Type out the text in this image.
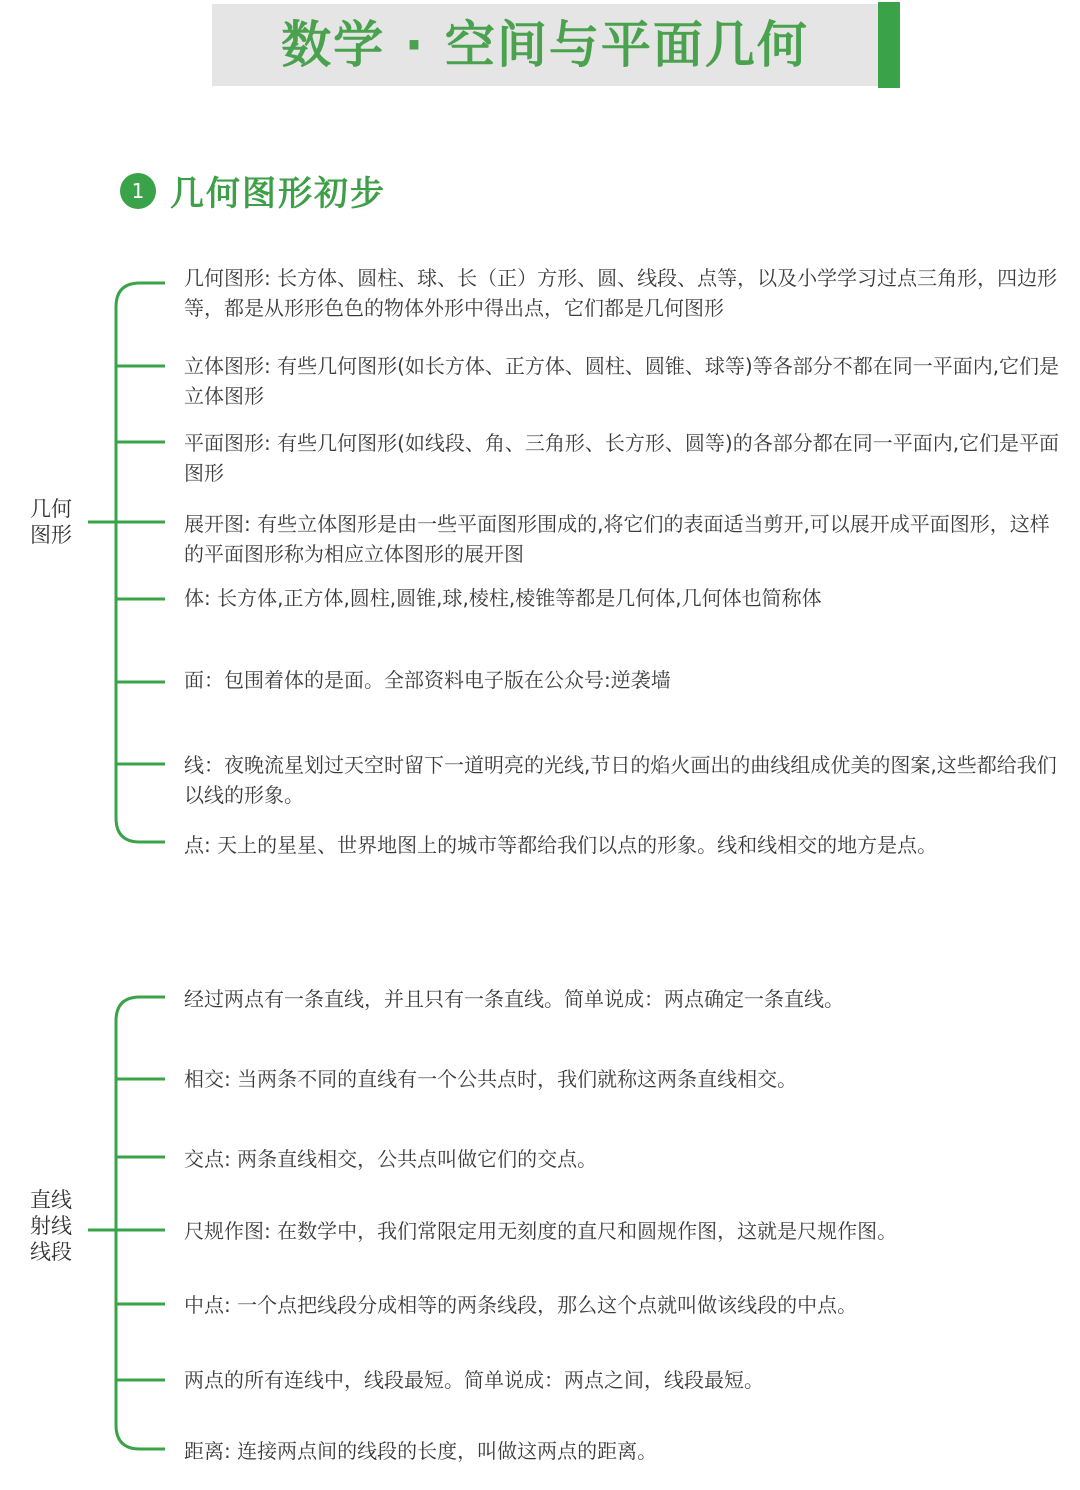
数学 · 空间与平面几何
1 几何图形初步
几何
图形
几何图形: 长方体、圆柱、球、长（正）方形、圆、线段、点等，以及小学学习过点三角形，四边形等，都是从形形色色的物体外形中得出点，它们都是几何图形
立体图形: 有些几何图形(如长方体、正方体、圆柱、圆锥、球等)等各部分不都在同一平面内,它们是立体图形
平面图形: 有些几何图形(如线段、角、三角形、长方形、圆等)的各部分都在同一平面内,它们是平面图形
展开图: 有些立体图形是由一些平面图形围成的,将它们的表面适当剪开,可以展开成平面图形，这样的平面图形称为相应立体图形的展开图
体: 长方体,正方体,圆柱,圆锥,球,棱柱,棱锥等都是几何体,几何体也简称体
面：包围着体的是面。全部资料电子版在公众号:逆袭墙
线：夜晚流星划过天空时留下一道明亮的光线,节日的焰火画出的曲线组成优美的图案,这些都给我们以线的形象。
点: 天上的星星、世界地图上的城市等都给我们以点的形象。线和线相交的地方是点。
直线
射线
线段
经过两点有一条直线，并且只有一条直线。简单说成：两点确定一条直线。
相交: 当两条不同的直线有一个公共点时，我们就称这两条直线相交。
交点: 两条直线相交，公共点叫做它们的交点。
尺规作图: 在数学中，我们常限定用无刻度的直尺和圆规作图，这就是尺规作图。
中点: 一个点把线段分成相等的两条线段，那么这个点就叫做该线段的中点。
两点的所有连线中，线段最短。简单说成：两点之间，线段最短。
距离: 连接两点间的线段的长度，叫做这两点的距离。
